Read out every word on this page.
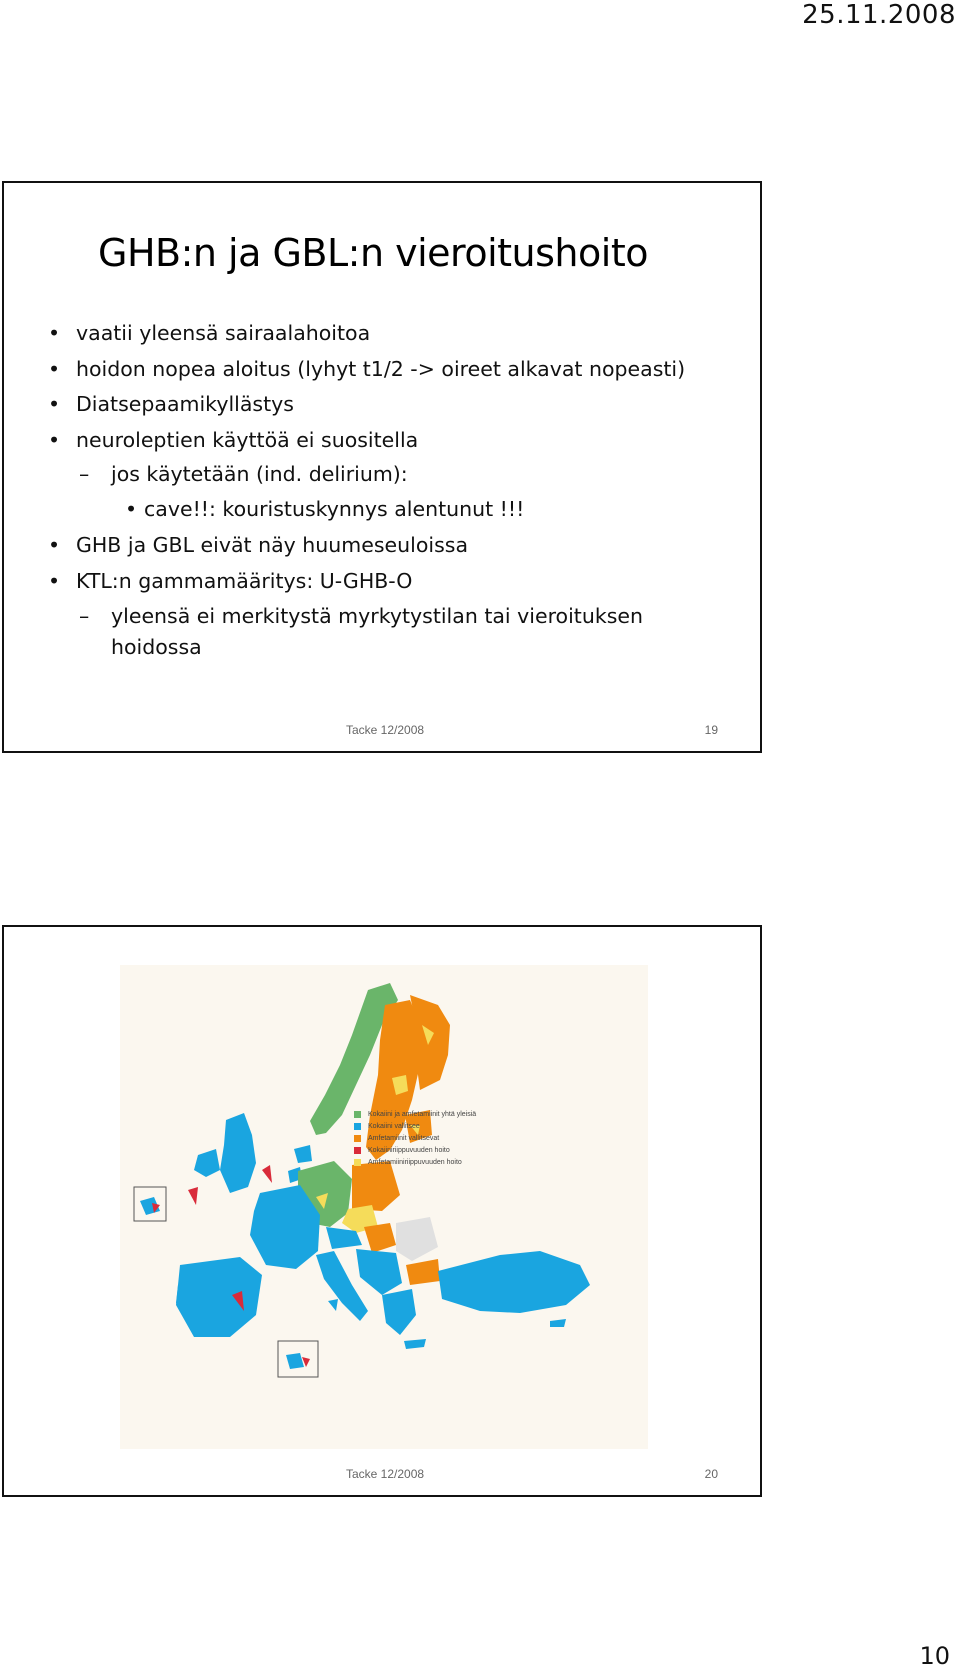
25.11.2008
GHB:n ja GBL:n vieroitushoito
• vaatii yleensä sairaalahoitoa
• hoidon nopea aloitus (lyhyt t1/2 -> oireet alkavat nopeasti)
• Diatsepaamikyllästys
• neuroleptien käyttöä ei suositella
– jos käytetään (ind. delirium):
• cave!!: kouristuskynnys alentunut !!!
• GHB ja GBL eivät näy huumeseuloissa
• KTL:n gammamääritys: U-GHB-O
– yleensä ei merkitystä myrkytystilan tai vieroituksen
hoidossa
Tacke 12/2008	19
Kokaiini ja amfetamiinit yhtä yleisiä
Kokaiini vallitsee
Amfetamiinit vallitsevat
Kokaiiniriippuvuuden hoito
Amfetamiiniriippuvuuden hoito
Tacke 12/2008	20
10
